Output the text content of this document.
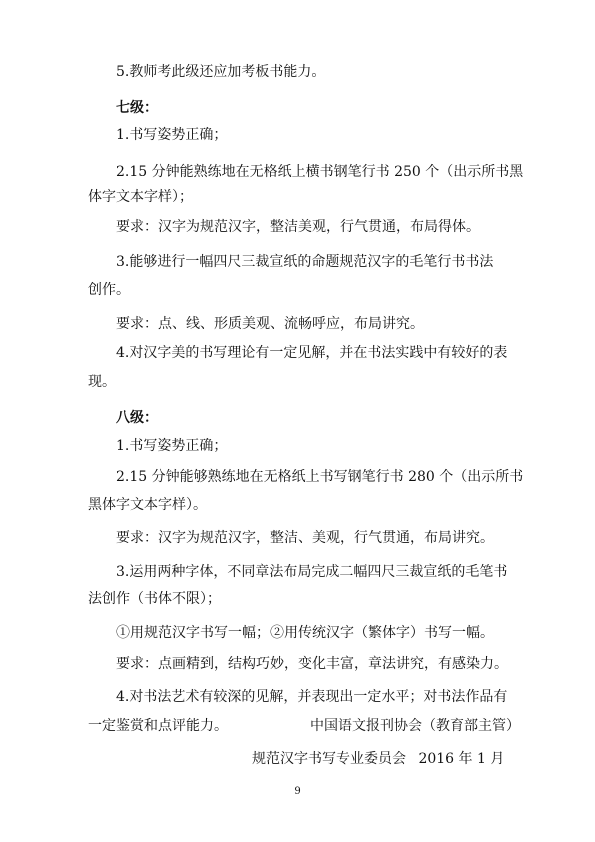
5.教师考此级还应加考板书能力。
七级：
1.书写姿势正确；
2.15 分钟能熟练地在无格纸上横书钢笔行书 250 个（出示所书黑
体字文本字样）；
要求：汉字为规范汉字，整洁美观，行气贯通，布局得体。
3.能够进行一幅四尺三裁宣纸的命题规范汉字的毛笔行书书法
创作。
要求：点、线、形质美观、流畅呼应，布局讲究。
4.对汉字美的书写理论有一定见解，并在书法实践中有较好的表
现。
八级：
1.书写姿势正确；
2.15 分钟能够熟练地在无格纸上书写钢笔行书 280 个（出示所书
黑体字文本字样）。
要求：汉字为规范汉字，整洁、美观，行气贯通，布局讲究。
3.运用两种字体，不同章法布局完成二幅四尺三裁宣纸的毛笔书
法创作（书体不限）；
①用规范汉字书写一幅；②用传统汉字（繁体字）书写一幅。
要求：点画精到，结构巧妙，变化丰富，章法讲究，有感染力。
4.对书法艺术有较深的见解，并表现出一定水平；对书法作品有
一定鉴赏和点评能力。	中国语文报刊协会（教育部主管）
规范汉字书写专业委员会 2016 年 1 月
9
